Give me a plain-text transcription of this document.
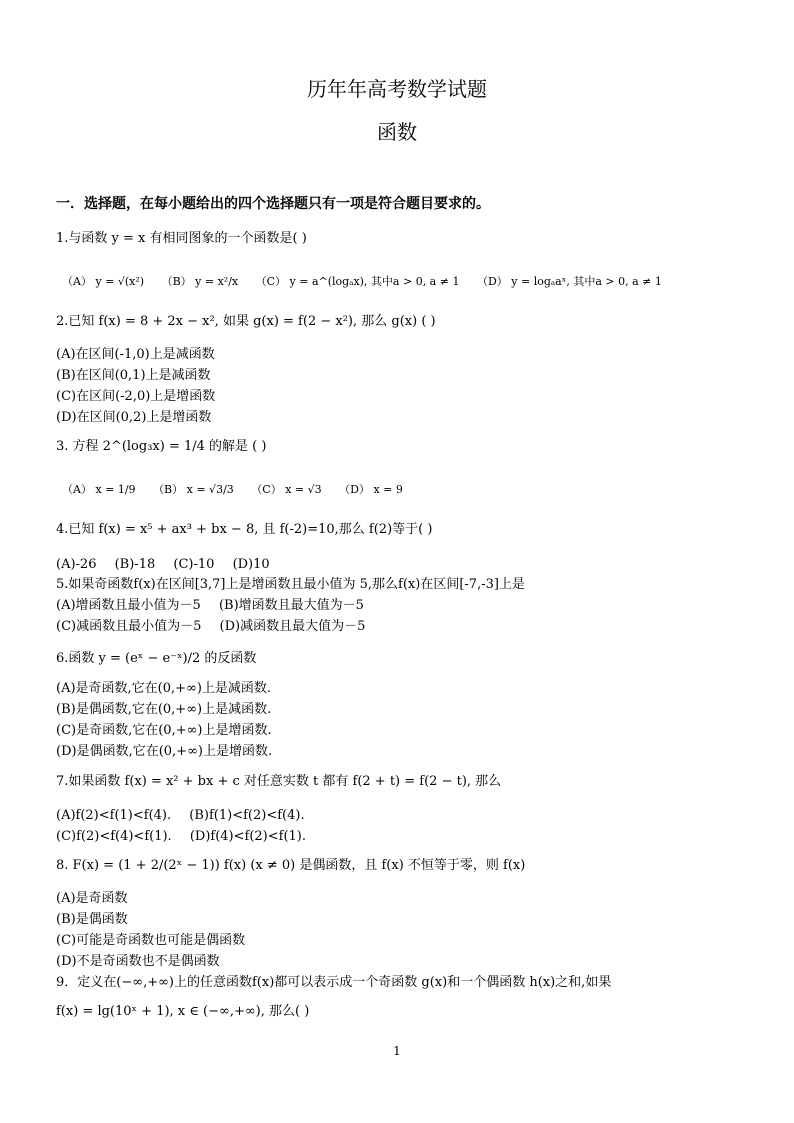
历年年高考数学试题
函数
一．选择题，在每小题给出的四个选择题只有一项是符合题目要求的。
1.与函数 y = x 有相同图象的一个函数是( )
（A） y = √(x²) （B） y = x²/x （C） y = a^(logₐx), 其中a > 0, a ≠ 1 （D） y = logₐaˣ, 其中a > 0, a ≠ 1
2.已知 f(x) = 8 + 2x − x², 如果 g(x) = f(2 − x²), 那么 g(x) ( )
(A)在区间(-1,0)上是减函数
(B)在区间(0,1)上是减函数
(C)在区间(-2,0)上是增函数
(D)在区间(0,2)上是增函数
3. 方程 2^(log₃x) = 1/4 的解是 ( )
（A） x = 1/9 （B） x = √3/3 （C） x = √3 （D） x = 9
4.已知 f(x) = x⁵ + ax³ + bx − 8, 且 f(-2)=10,那么 f(2)等于( )
(A)-26 (B)-18 (C)-10 (D)10
5.如果奇函数f(x)在区间[3,7]上是增函数且最小值为 5,那么f(x)在区间[-7,-3]上是
(A)增函数且最小值为－5 (B)增函数且最大值为－5
(C)减函数且最小值为－5 (D)减函数且最大值为－5
6.函数 y = (eˣ − e⁻ˣ)/2 的反函数
(A)是奇函数,它在(0,+∞)上是减函数.
(B)是偶函数,它在(0,+∞)上是减函数.
(C)是奇函数,它在(0,+∞)上是增函数.
(D)是偶函数,它在(0,+∞)上是增函数.
7.如果函数 f(x) = x² + bx + c 对任意实数 t 都有 f(2 + t) = f(2 − t), 那么
(A)f(2)<f(1)<f(4). (B)f(1)<f(2)<f(4).
(C)f(2)<f(4)<f(1). (D)f(4)<f(2)<f(1).
8. F(x) = (1 + 2/(2ˣ − 1)) f(x) (x ≠ 0) 是偶函数，且 f(x) 不恒等于零，则 f(x)
(A)是奇函数
(B)是偶函数
(C)可能是奇函数也可能是偶函数
(D)不是奇函数也不是偶函数
9．定义在(−∞,+∞)上的任意函数f(x)都可以表示成一个奇函数 g(x)和一个偶函数 h(x)之和,如果
f(x) = lg(10ˣ + 1), x ∈ (−∞,+∞), 那么( )
1
